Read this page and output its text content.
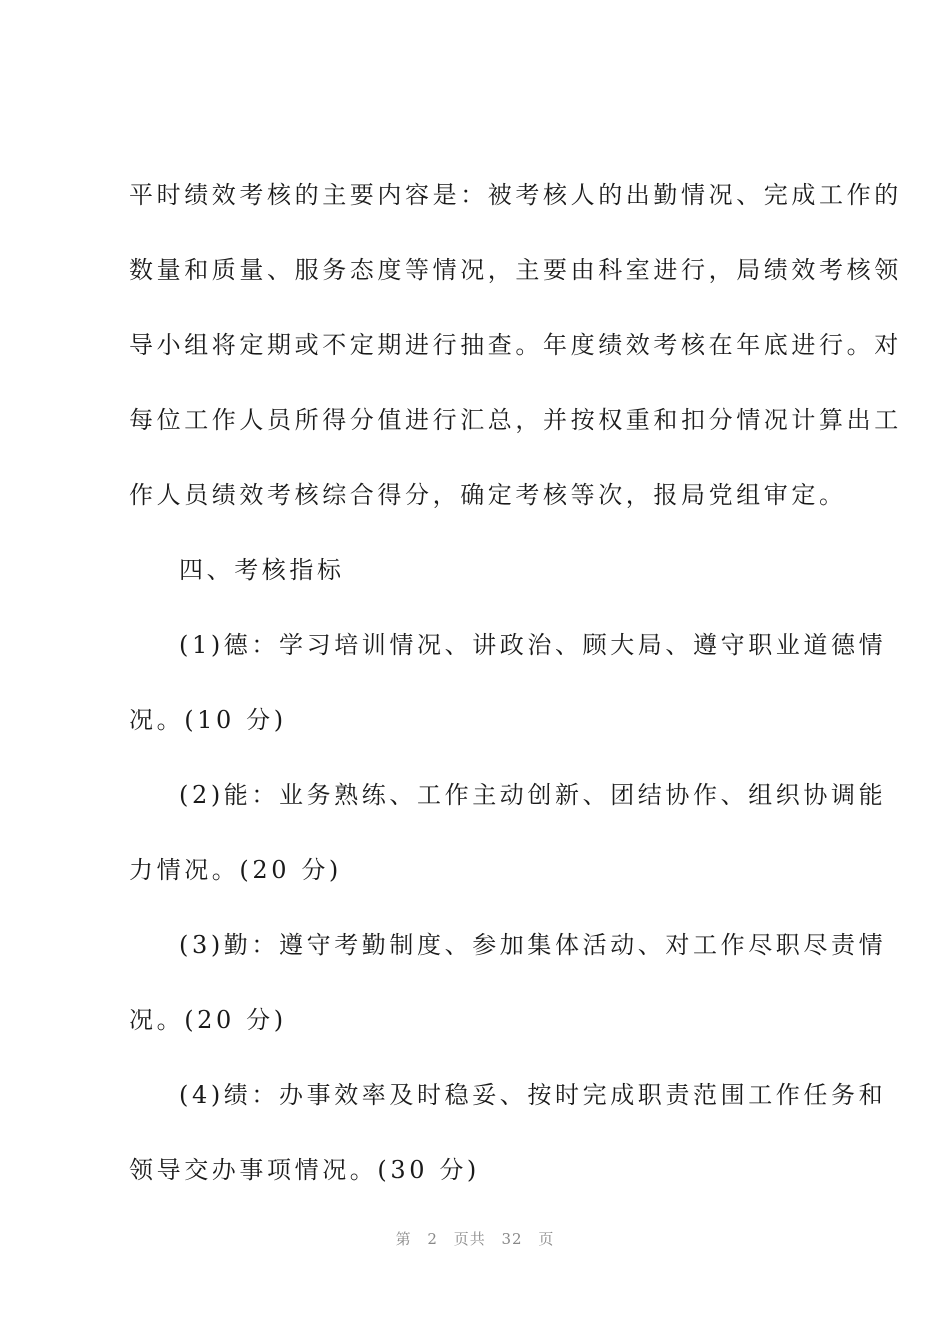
平时绩效考核的主要内容是：被考核人的出勤情况、完成工作的
数量和质量、服务态度等情况，主要由科室进行，局绩效考核领
导小组将定期或不定期进行抽查。年度绩效考核在年底进行。对
每位工作人员所得分值进行汇总，并按权重和扣分情况计算出工
作人员绩效考核综合得分，确定考核等次，报局党组审定。
四、考核指标
(1)德：学习培训情况、讲政治、顾大局、遵守职业道德情
况。(10 分)
(2)能：业务熟练、工作主动创新、团结协作、组织协调能
力情况。(20 分)
(3)勤：遵守考勤制度、参加集体活动、对工作尽职尽责情
况。(20 分)
(4)绩：办事效率及时稳妥、按时完成职责范围工作任务和
领导交办事项情况。(30 分)
第 2 页共 32 页
